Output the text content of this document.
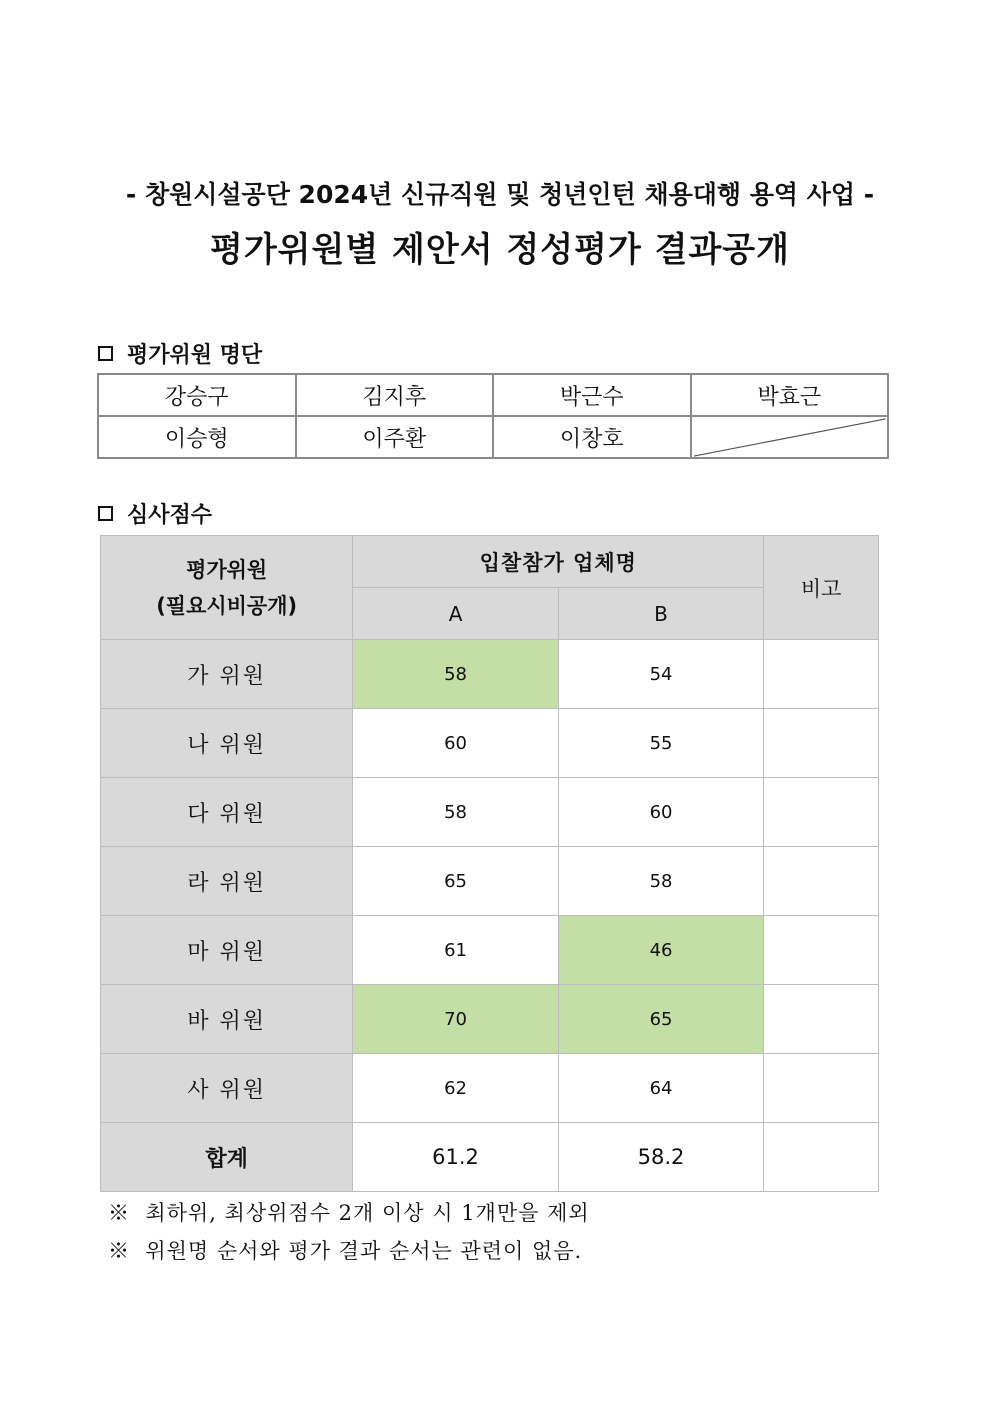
- 창원시설공단 2024년 신규직원 및 청년인턴 채용대행 용역 사업 -
평가위원별 제안서 정성평가 결과공개
평가위원 명단
강승구	김지후	박근수	박효근
이승형	이주환	이창호	
심사점수
평가위원
(필요시비공개)	입찰참가 업체명		비고
	A	B	
가 위원	58	54	
나 위원	60	55	
다 위원	58	60	
라 위원	65	58	
마 위원	61	46	
바 위원	70	65	
사 위원	62	64	
합계	61.2	58.2	
※  최하위, 최상위점수 2개 이상 시 1개만을 제외
※  위원명 순서와 평가 결과 순서는 관련이 없음.
